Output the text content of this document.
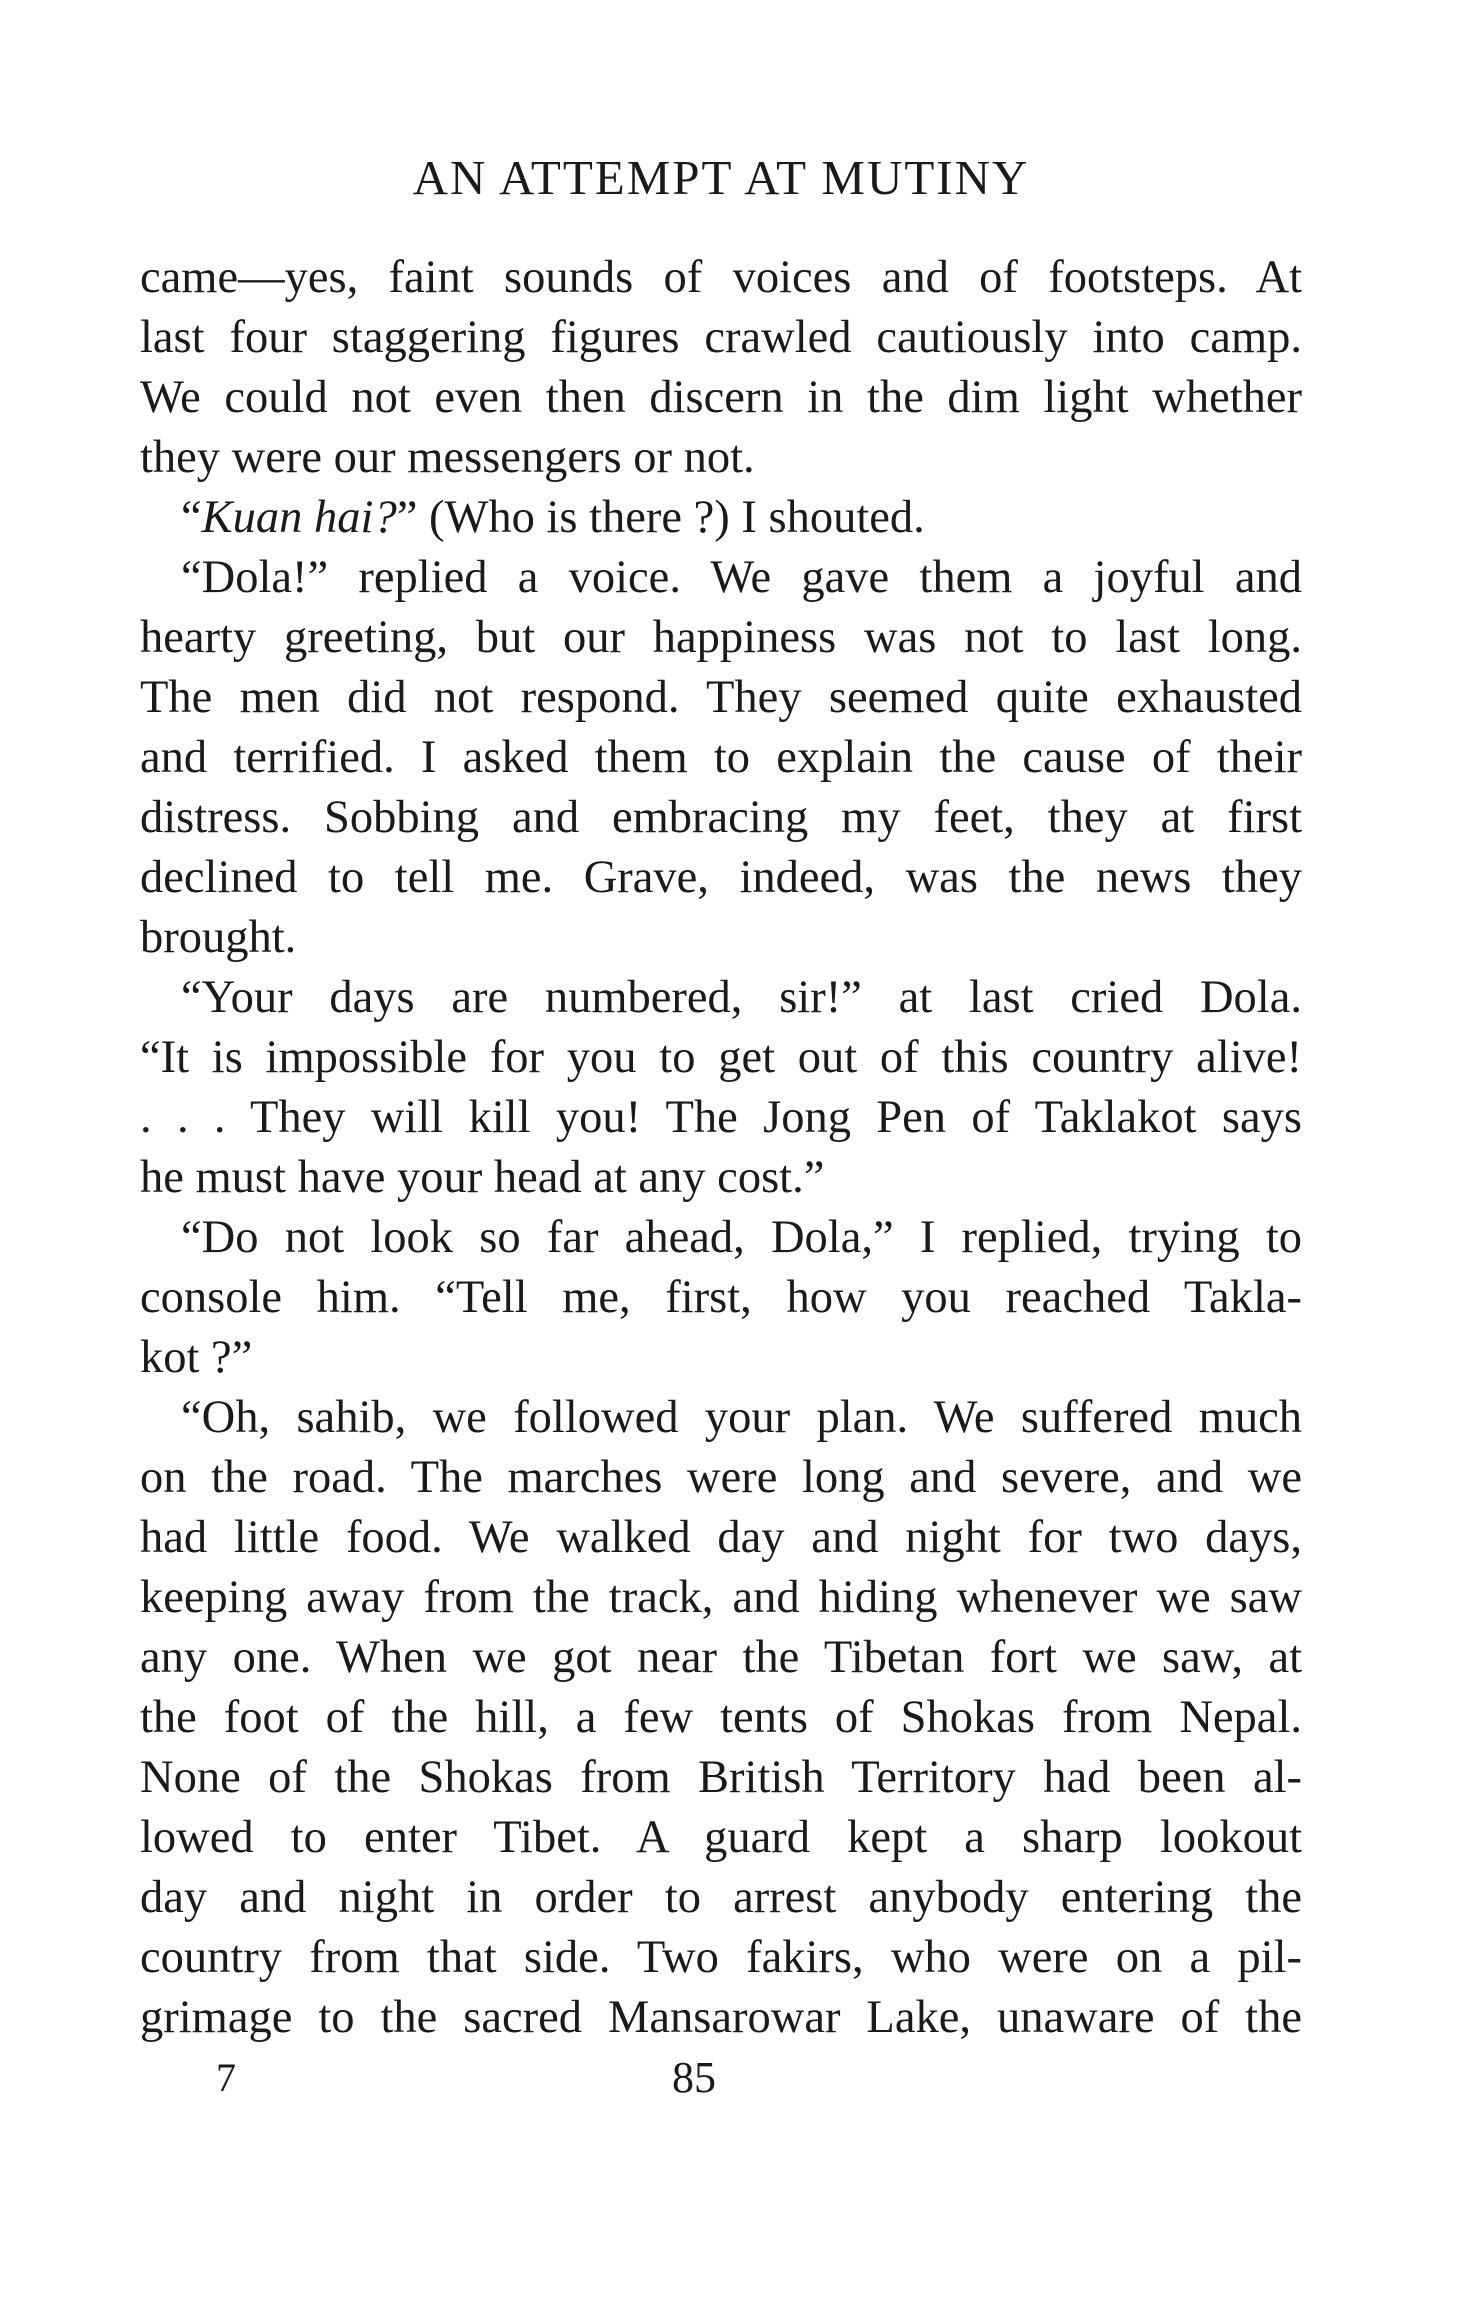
AN ATTEMPT AT MUTINY

came—yes, faint sounds of voices and of footsteps. At

last four staggering figures crawled cautiously into camp.

We could not even then discern in the dim light whether

they were our messengers or not.

“Kuan hai?” (Who is there ?) I shouted.

“Dola!” replied a voice. We gave them a joyful and

hearty greeting, but our happiness was not to last long.

The men did not respond. They seemed quite exhausted

and terrified. I asked them to explain the cause of their

distress. Sobbing and embracing my feet, they at first

declined to tell me. Grave, indeed, was the news they

brought.

“Your days are numbered, sir!” at last cried Dola.

“It is impossible for you to get out of this country alive!

. . . They will kill you! The Jong Pen of Taklakot says

he must have your head at any cost.”

“Do not look so far ahead, Dola,” I replied, trying to

console him. “Tell me, first, how you reached Takla-

kot ?”

“Oh, sahib, we followed your plan. We suffered much

on the road. The marches were long and severe, and we

had little food. We walked day and night for two days,

keeping away from the track, and hiding whenever we saw

any one. When we got near the Tibetan fort we saw, at

the foot of the hill, a few tents of Shokas from Nepal.

None of the Shokas from British Territory had been al-

lowed to enter Tibet. A guard kept a sharp lookout

day and night in order to arrest anybody entering the

country from that side. Two fakirs, who were on a pil-

grimage to the sacred Mansarowar Lake, unaware of the

7	85
